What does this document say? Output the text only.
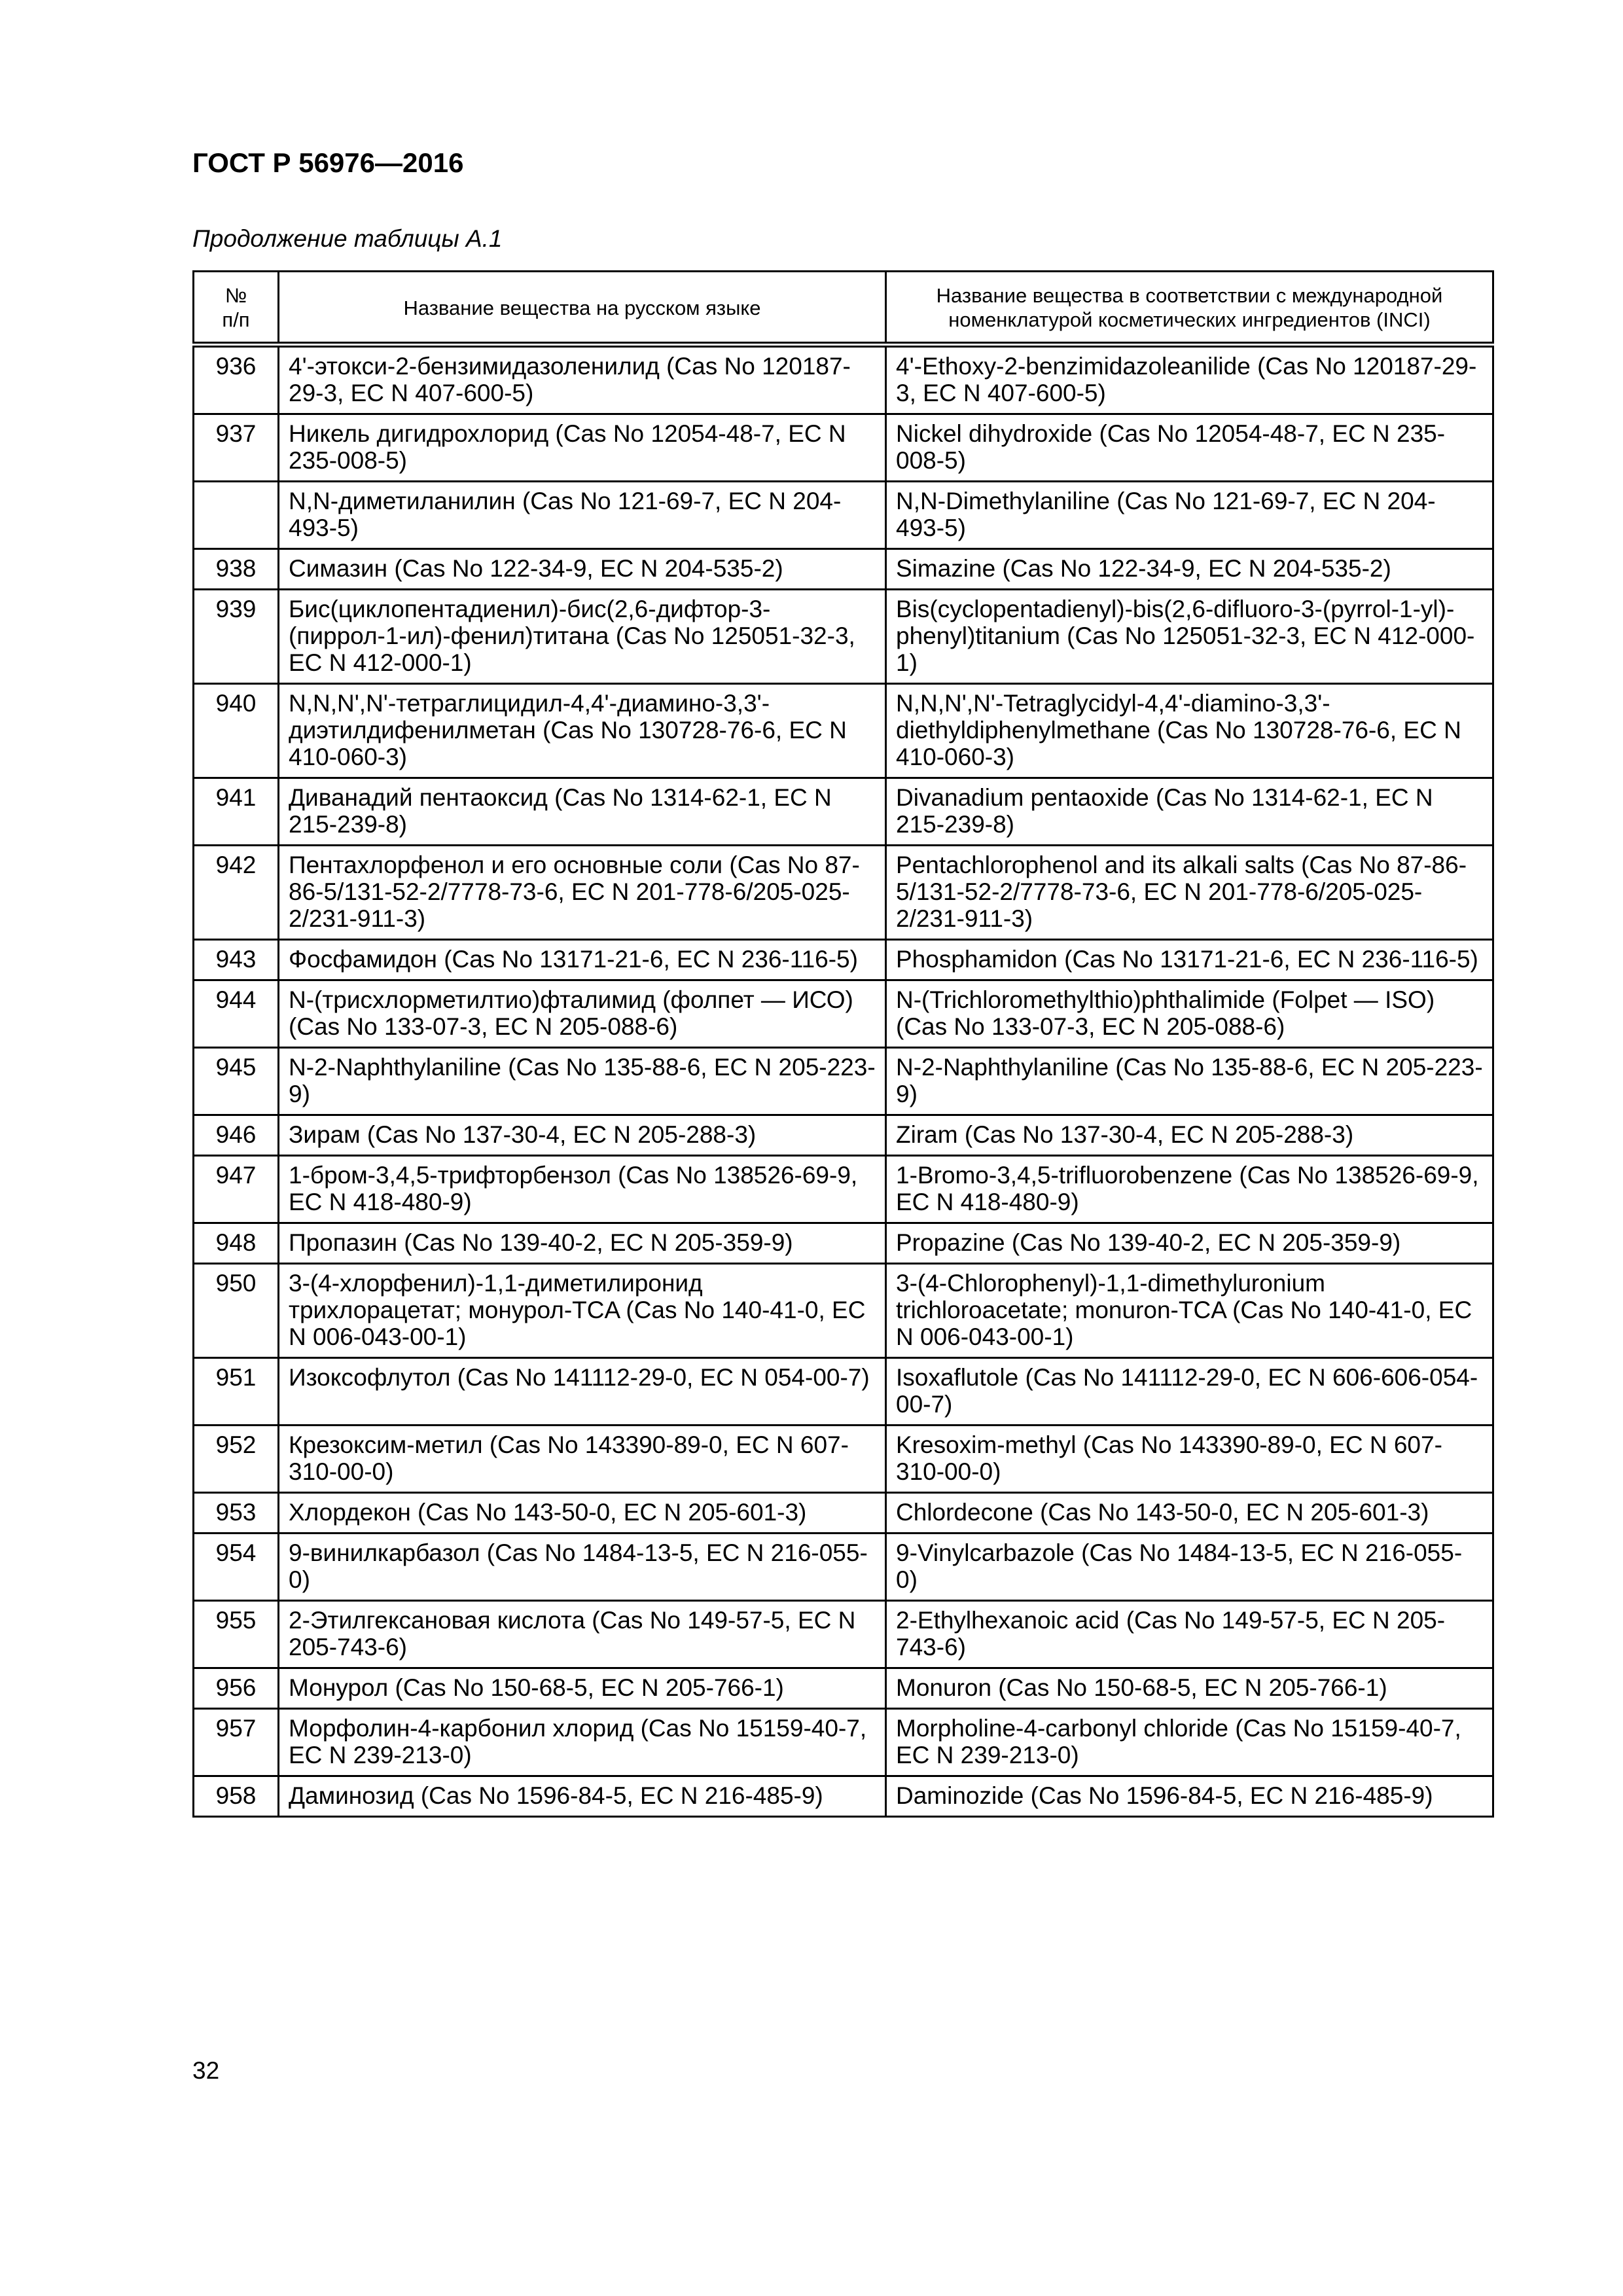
ГОСТ Р 56976—2016
Продолжение таблицы А.1
№ п/п	Название вещества на русском языке	Название вещества в соответствии с международной номенклатурой косметических ингредиентов (INCI)
936	4'-этокси-2-бензимидазоленилид (Cas No 120187-29-3, EC N 407-600-5)	4'-Ethoxy-2-benzimidazoleanilide (Cas No 120187-29-3, EC N 407-600-5)
937	Никель дигидрохлорид (Cas No 12054-48-7, EC N 235-008-5)	Nickel dihydroxide (Cas No 12054-48-7, EC N 235-008-5)
	N,N-диметиланилин (Cas No 121-69-7, EC N 204-493-5)	N,N-Dimethylaniline (Cas No 121-69-7, EC N 204-493-5)
938	Симазин (Cas No 122-34-9, EC N 204-535-2)	Simazine (Cas No 122-34-9, EC N 204-535-2)
939	Бис(циклопентадиенил)-бис(2,6-дифтор-3-(пиррол-1-ил)-фенил)титана (Cas No 125051-32-3, EC N 412-000-1)	Bis(cyclopentadienyl)-bis(2,6-difluoro-3-(pyrrol-1-yl)-phenyl)titanium (Cas No 125051-32-3, EC N 412-000-1)
940	N,N,N',N'-тетраглицидил-4,4'-диамино-3,3'-диэтилдифенилметан (Cas No 130728-76-6, EC N 410-060-3)	N,N,N',N'-Tetraglycidyl-4,4'-diamino-3,3'-diethyldiphenylmethane (Cas No 130728-76-6, EC N 410-060-3)
941	Диванадий пентаоксид (Cas No 1314-62-1, EC N 215-239-8)	Divanadium pentaoxide (Cas No 1314-62-1, EC N 215-239-8)
942	Пентахлорфенол и его основные соли (Cas No 87-86-5/131-52-2/7778-73-6, EC N 201-778-6/205-025-2/231-911-3)	Pentachlorophenol and its alkali salts (Cas No 87-86-5/131-52-2/7778-73-6, EC N 201-778-6/205-025-2/231-911-3)
943	Фосфамидон (Cas No 13171-21-6, EC N 236-116-5)	Phosphamidon (Cas No 13171-21-6, EC N 236-116-5)
944	N-(трисхлорметилтио)фталимид (фолпет — ИСО) (Cas No 133-07-3, EC N 205-088-6)	N-(Trichloromethylthio)phthalimide (Folpet — ISO) (Cas No 133-07-3, EC N 205-088-6)
945	N-2-Naphthylaniline (Cas No 135-88-6, EC N 205-223-9)	N-2-Naphthylaniline (Cas No 135-88-6, EC N 205-223-9)
946	Зирам (Cas No 137-30-4, EC N 205-288-3)	Ziram (Cas No 137-30-4, EC N 205-288-3)
947	1-бром-3,4,5-трифторбензол (Cas No 138526-69-9, EC N 418-480-9)	1-Bromo-3,4,5-trifluorobenzene (Cas No 138526-69-9, EC N 418-480-9)
948	Пропазин (Cas No 139-40-2, EC N 205-359-9)	Propazine (Cas No 139-40-2, EC N 205-359-9)
950	3-(4-хлорфенил)-1,1-диметилиронид трихлорацетат; монурол-TCA (Cas No 140-41-0, EC N 006-043-00-1)	3-(4-Chlorophenyl)-1,1-dimethyluronium trichloroacetate; monuron-TCA (Cas No 140-41-0, EC N 006-043-00-1)
951	Изоксофлутол (Cas No 141112-29-0, EC N 054-00-7)	Isoxaflutole (Cas No 141112-29-0, EC N 606-606-054-00-7)
952	Крезоксим-метил (Cas No 143390-89-0, EC N 607-310-00-0)	Kresoxim-methyl (Cas No 143390-89-0, EC N 607-310-00-0)
953	Хлордекон (Cas No 143-50-0, EC N 205-601-3)	Chlordecone (Cas No 143-50-0, EC N 205-601-3)
954	9-винилкарбазол (Cas No 1484-13-5, EC N 216-055-0)	9-Vinylcarbazole (Cas No 1484-13-5, EC N 216-055-0)
955	2-Этилгексановая кислота (Cas No 149-57-5, EC N 205-743-6)	2-Ethylhexanoic acid (Cas No 149-57-5, EC N 205-743-6)
956	Монурол (Cas No 150-68-5, EC N 205-766-1)	Monuron (Cas No 150-68-5, EC N 205-766-1)
957	Морфолин-4-карбонил хлорид (Cas No 15159-40-7, EC N 239-213-0)	Morpholine-4-carbonyl chloride (Cas No 15159-40-7, EC N 239-213-0)
958	Даминозид (Cas No 1596-84-5, EC N 216-485-9)	Daminozide (Cas No 1596-84-5, EC N 216-485-9)
32
